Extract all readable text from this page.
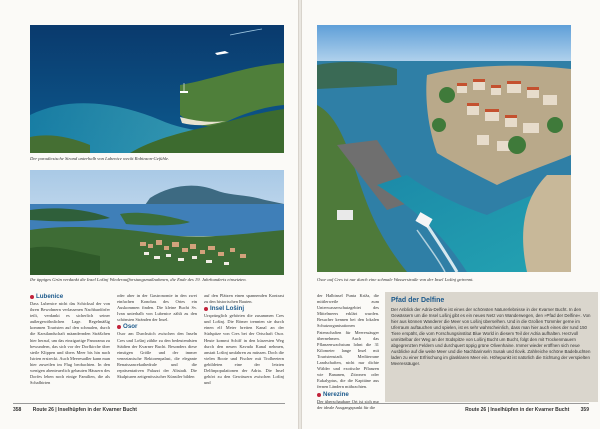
Der paradiesische Strand unterhalb von Lubenice weckt Robinson-Gefühle.
Ihr üppiges Grün verdankt die Insel Lošinj Wiederaufforstungsmaßnahmen, die Ende des 19. Jahrhunderts einsetzten.
Lubenice

Dass Lubenice nicht das Schicksal der von ihren Bewohnern verlassenen Nachbardörfer teilt, verdankt es sicherlich seiner außergewöhnlichen Lage. Regelmäßig kommen Touristen auf den schmalen, durch die Karstlandschaft mäandernden Sträßchen hier herauf, um das einzigartige Panorama zu bewundern, das sich vor der Dorfkirche über steile Klippen und übers Meer bis hin nach Istrien erstreckt. Auch Meeresadler kann man hier zuweilen im Flug beobachten. In den wenigen abenteuerlich gebauten Häusern des Dorfes leben noch einige Familien, die als Schafhirten

oder aber in der Gastronomie in den zwei einfachen Konobas des Ortes ein Auskommen finden. Die kleine Bucht Sv. Ivan unterhalb von Lubenice zählt zu den schönsten Stränden der Insel.

Osor

Osor am Durchstich zwischen den Inseln Cres und Lošinj zählte zu den bedeutendsten Städten der Kvarner Bucht. Besonders diese einstigen Größe und der immer venezianische Rektorenpalast, die elegante Renaissancekathedrale und die repräsentativen Palazzi der Altstadt. Die Skulpturen zeitgenössischer Künstler bilden

auf den Plätzen einen spannenden Kontrast zu den historischen Bauten.

Insel Lošinj

Ursprünglich gehörten die zusammen Cres und Lošinj. Die Römer trennten sie durch einen elf Meter breiten Kanal an der Südspitze von Cres bei der Ortschaft Osor. Heute kommt Schiff in den kürzesten Weg durch den neuen Kavada Kanal nehmen, anstatt Lošinj umfahren zu müssen. Doch die vielen Boote und Fischer mit Trolbeetern gebildeten eine der letzten Delfinpopulationen der Adria. Die Insel gehört zu den Gewässern zwischen Lošinj und

358 Route 26 | Inselhüpfen in der Kvarner Bucht
Osor auf Cres ist nur durch eine schmale Wasserstraße von der Insel Lošinj getrennt.

der Halbinsel Punta Križa, die mittlerweile zum Unterwasserschutzgebiet des Mittelmeers erklärt wurden. Besucher kennen bei den lokalen Schutzorganisationen Patenschaften für Meeressäuger übernehmen. Auch das Pflanzenwachstum lohnt die 31 Kilometer lange Insel mit Touristenstadt. Mediterrane Landschaften, nicht nur dichte Wälder und exotische Pflanzen wie Bananen, Zitronen oder Eukalyptus, die die Kapitäne aus fernen Ländern mitbrachten.

Nerezine

Der überschaubare Ort ist sich nur der ideale Ausgangspunkt für die	Route 26 | Inselhüpfen in der Kvarner Bucht 359
Pfad der Delfine
Der Anblick der Adria-Delfine ist eines der schönsten Naturerlebnisse in der Kvarner Bucht. In den Gewässern um die Insel Lošinj gibt es ein neues Netz von Wanderwegen, den »Pfad der Delfine«. Von hier aus können Wanderer die Meer von Lošinj überselhen. Und in die Großen Tümmler gerne im Uferraum auftauchen und spielen, ist es sehr wahrscheinlich, dass man hier auch eines der rund 150 Tiere erspäht, die vom Forschungsinstitut Blue World in diesem Teil der Adria aufhalten. Herzvoll unmittelbar der Weg an der Südspitze von Lošinj Bucht um Bucht, folgt den mit Trockenmauern abgegrenzten Feldern und durchquert üppig grüne Olivenhaine. Immer wieder eröffnen sich neue Ausblicke auf die weite Meer und die Nachbarinseln Susak und Ilovik. Zahlreiche schöne Badebuchten laden zu einer Erfrischung im glasklaren Meer ein. Höhepunkt ist natürlich die Sichtung der verspielten Meeressäuger.
